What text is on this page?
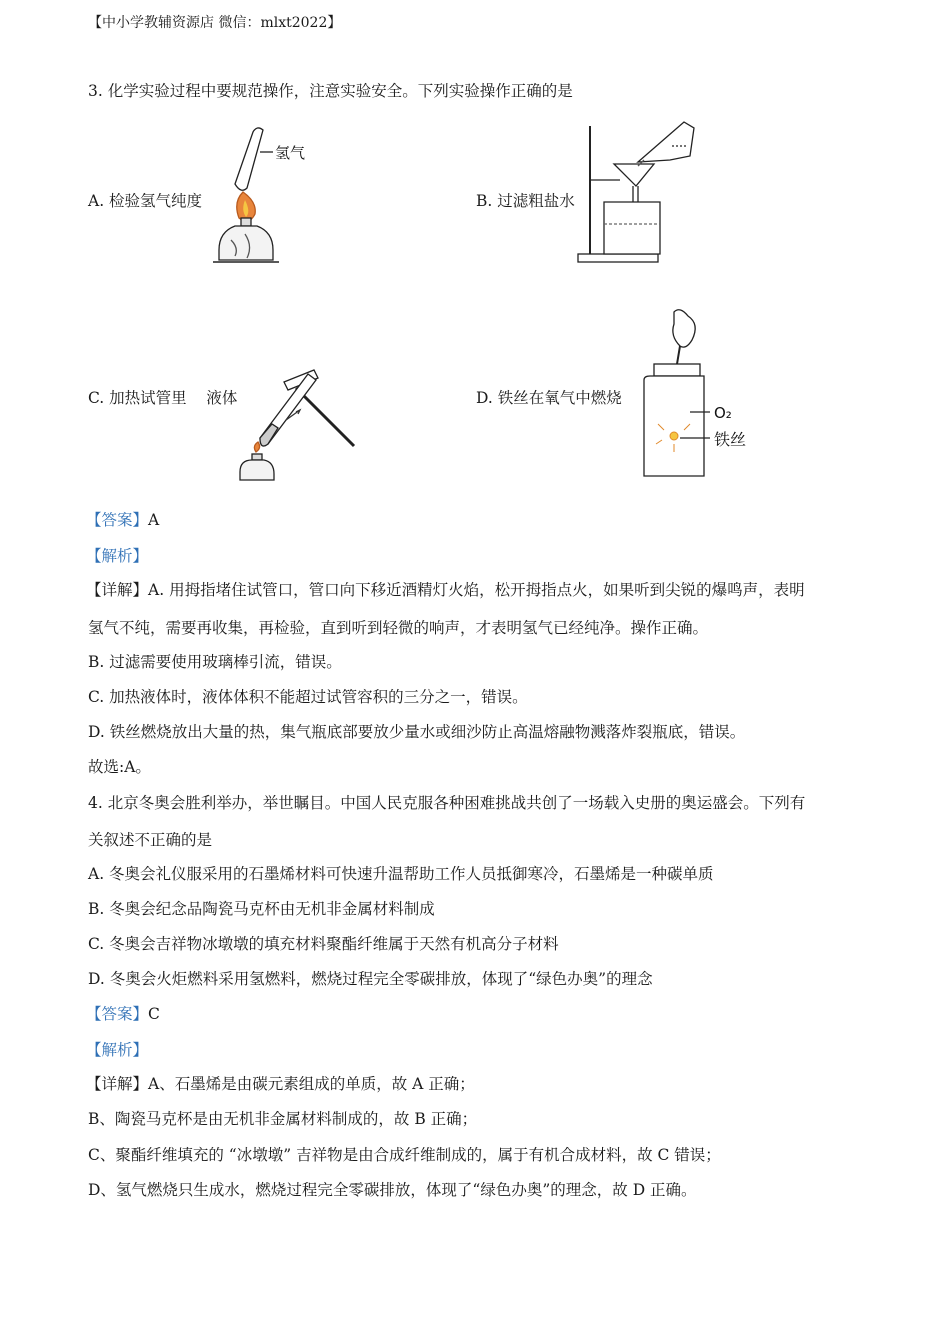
【中小学教辅资源店 微信：mlxt2022】
3. 化学实验过程中要规范操作，注意实验安全。下列实验操作正确的是
A. 检验氢气纯度	B. 过滤粗盐水
C. 加热试管里    液体	D. 铁丝在氧气中燃烧
氢气
O₂
铁丝
【答案】A
【解析】
【详解】A. 用拇指堵住试管口，管口向下移近酒精灯火焰，松开拇指点火，如果听到尖锐的爆鸣声，表明
氢气不纯，需要再收集，再检验，直到听到轻微的响声，才表明氢气已经纯净。操作正确。
B. 过滤需要使用玻璃棒引流，错误。
C. 加热液体时，液体体积不能超过试管容积的三分之一，错误。
D. 铁丝燃烧放出大量的热，集气瓶底部要放少量水或细沙防止高温熔融物溅落炸裂瓶底，错误。
故选:A。
4. 北京冬奥会胜利举办，举世瞩目。中国人民克服各种困难挑战共创了一场载入史册的奥运盛会。下列有
关叙述不正确的是
A. 冬奥会礼仪服采用的石墨烯材料可快速升温帮助工作人员抵御寒冷，石墨烯是一种碳单质
B. 冬奥会纪念品陶瓷马克杯由无机非金属材料制成
C. 冬奥会吉祥物冰墩墩的填充材料聚酯纤维属于天然有机高分子材料
D. 冬奥会火炬燃料采用氢燃料，燃烧过程完全零碳排放，体现了“绿色办奥”的理念
【答案】C
【解析】
【详解】A、石墨烯是由碳元素组成的单质，故 A 正确；
B、陶瓷马克杯是由无机非金属材料制成的，故 B 正确；
C、聚酯纤维填充的 “冰墩墩” 吉祥物是由合成纤维制成的，属于有机合成材料，故 C 错误；
D、氢气燃烧只生成水，燃烧过程完全零碳排放，体现了“绿色办奥”的理念，故 D 正确。
